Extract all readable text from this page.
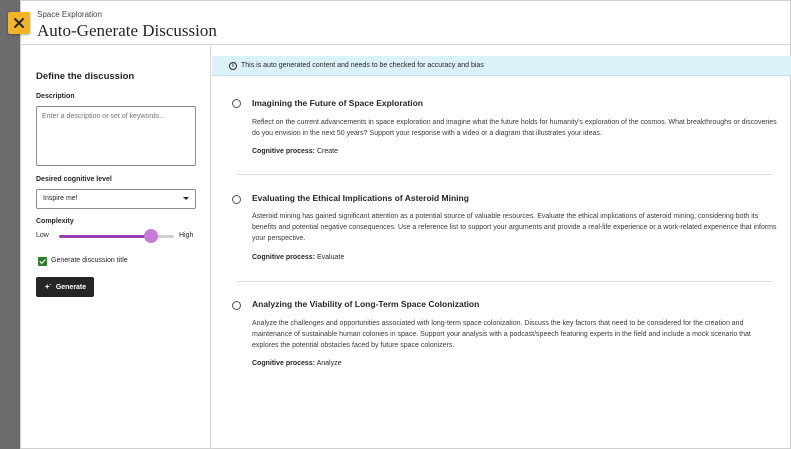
Space Exploration
Auto-Generate Discussion
Define the discussion
Description
Enter a description or set of keywords...
Desired cognitive level
Inspire me!
Complexity
Low	High
Generate discussion title
Generate
i	This is auto generated content and needs to be checked for accuracy and bias
Imagining the Future of Space Exploration
Reflect on the current advancements in space exploration and imagine what the future holds for humanity's exploration of the cosmos. What breakthroughs or discoveries do you envision in the next 50 years? Support your response with a video or a diagram that illustrates your ideas.
Cognitive process: Create
Evaluating the Ethical Implications of Asteroid Mining
Asteroid mining has gained significant attention as a potential source of valuable resources. Evaluate the ethical implications of asteroid mining, considering both its benefits and potential negative consequences. Use a reference list to support your arguments and provide a real-life experience or a work-related experience that informs your perspective.
Cognitive process: Evaluate
Analyzing the Viability of Long-Term Space Colonization
Analyze the challenges and opportunities associated with long-term space colonization. Discuss the key factors that need to be considered for the creation and maintenance of sustainable human colonies in space. Support your analysis with a podcast/speech featuring experts in the field and include a mock scenario that explores the potential obstacles faced by future space colonizers.
Cognitive process: Analyze
